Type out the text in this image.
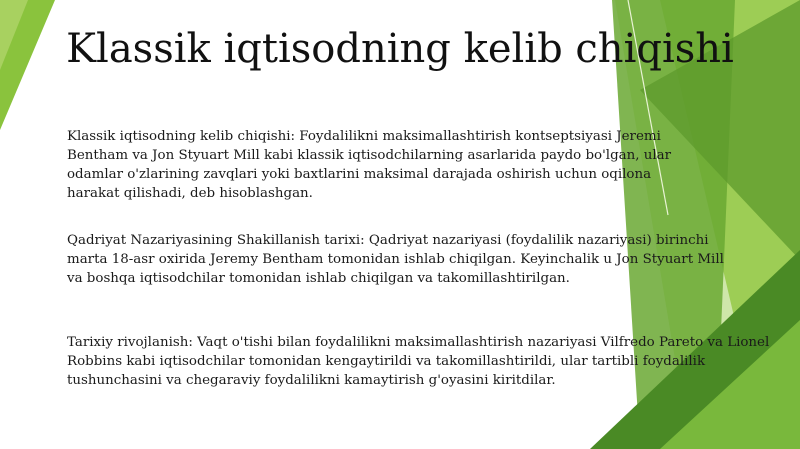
Klassik iqtisodning kelib chiqishi

Klassik iqtisodning kelib chiqishi: Foydalilikni maksimallashtirish kontseptsiyasi Jeremi Bentham va Jon Styuart Mill kabi klassik iqtisodchilarning asarlarida paydo bo'lgan, ular odamlar o'zlarining zavqlari yoki baxtlarini maksimal darajada oshirish uchun oqilona harakat qilishadi, deb hisoblashgan.

Qadriyat Nazariyasining Shakillanish tarixi: Qadriyat nazariyasi (foydalilik nazariyasi) birinchi marta 18-asr oxirida Jeremy Bentham tomonidan ishlab chiqilgan. Keyinchalik u Jon Styuart Mill va boshqa iqtisodchilar tomonidan ishlab chiqilgan va takomillashtirilgan.

Tarixiy rivojlanish: Vaqt o'tishi bilan foydalilikni maksimallashtirish nazariyasi Vilfredo Pareto va Lionel Robbins kabi iqtisodchilar tomonidan kengaytirildi va takomillashtirildi, ular tartibli foydalilik tushunchasini va chegaraviy foydalilikni kamaytirish g'oyasini kiritdilar.
